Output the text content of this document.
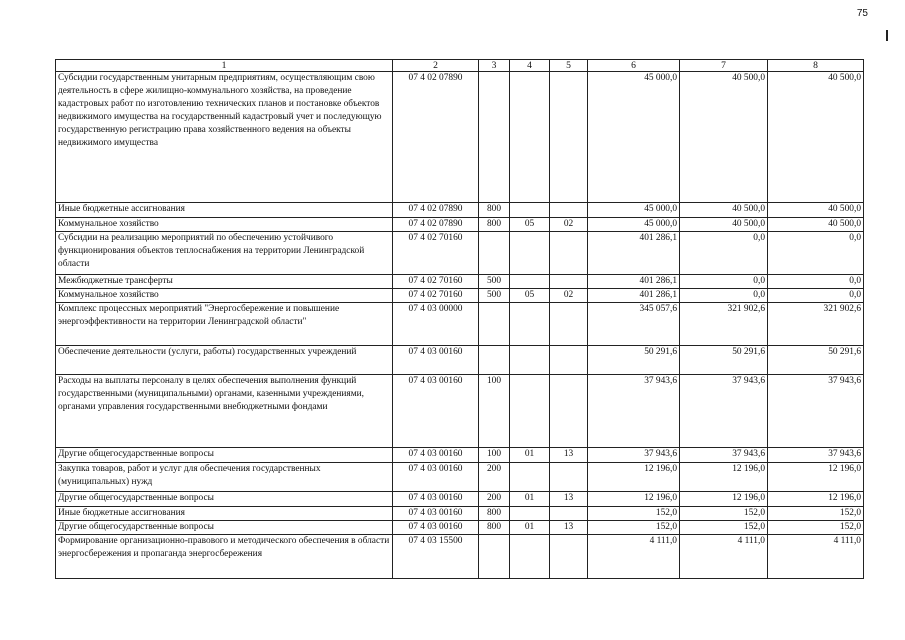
75
1	2	3	4	5	6	7	8
Субсидии государственным унитарным предприятиям, осуществляющим свою деятельность в сфере жилищно-коммунального хозяйства, на проведение кадастровых работ по изготовлению технических планов и постановке объектов недвижимого имущества на государственный кадастровый учет и последующую государственную регистрацию права хозяйственного ведения на объекты недвижимого имущества	07 4 02 07890				45 000,0	40 500,0	40 500,0
Иные бюджетные ассигнования	07 4 02 07890	800			45 000,0	40 500,0	40 500,0
Коммунальное хозяйство	07 4 02 07890	800	05	02	45 000,0	40 500,0	40 500,0
Субсидии на реализацию мероприятий по обеспечению устойчивого функционирования объектов теплоснабжения на территории Ленинградской области	07 4 02 70160				401 286,1	0,0	0,0
Межбюджетные трансферты	07 4 02 70160	500			401 286,1	0,0	0,0
Коммунальное хозяйство	07 4 02 70160	500	05	02	401 286,1	0,0	0,0
Комплекс процессных мероприятий "Энергосбережение и повышение энергоэффективности на территории Ленинградской области"	07 4 03 00000				345 057,6	321 902,6	321 902,6
Обеспечение деятельности (услуги, работы) государственных учреждений	07 4 03 00160				50 291,6	50 291,6	50 291,6
Расходы на выплаты персоналу в целях обеспечения выполнения функций государственными (муниципальными) органами, казенными учреждениями, органами управления государственными внебюджетными фондами	07 4 03 00160	100			37 943,6	37 943,6	37 943,6
Другие общегосударственные вопросы	07 4 03 00160	100	01	13	37 943,6	37 943,6	37 943,6
Закупка товаров, работ и услуг для обеспечения государственных (муниципальных) нужд	07 4 03 00160	200			12 196,0	12 196,0	12 196,0
Другие общегосударственные вопросы	07 4 03 00160	200	01	13	12 196,0	12 196,0	12 196,0
Иные бюджетные ассигнования	07 4 03 00160	800			152,0	152,0	152,0
Другие общегосударственные вопросы	07 4 03 00160	800	01	13	152,0	152,0	152,0
Формирование организационно-правового и методического обеспечения в области энергосбережения и пропаганда энергосбережения	07 4 03 15500				4 111,0	4 111,0	4 111,0
